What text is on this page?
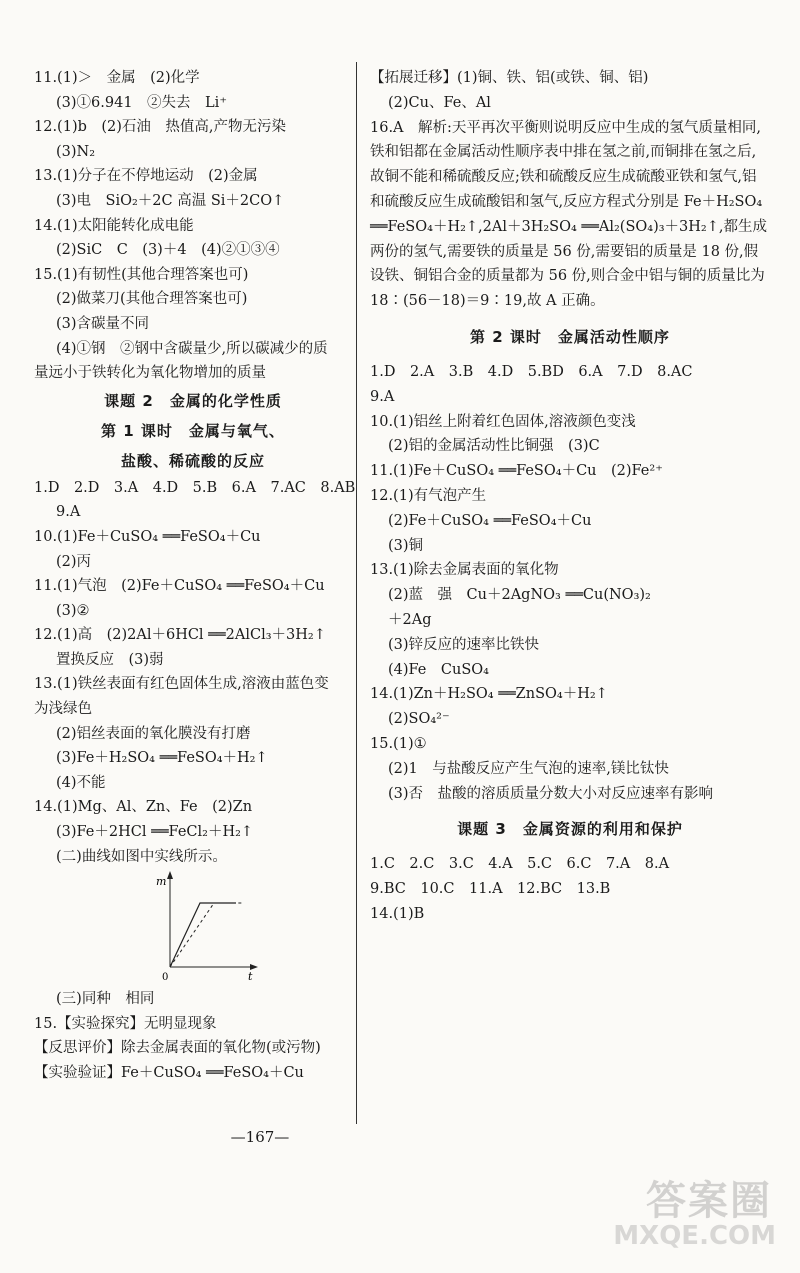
11.(1)＞　金属　(2)化学
(3)①6.941　②失去　Li⁺
12.(1)b　(2)石油　热值高,产物无污染
(3)N₂
13.(1)分子在不停地运动　(2)金属
(3)电　SiO₂＋2C 高温 Si＋2CO↑
14.(1)太阳能转化成电能
(2)SiC　C　(3)＋4　(4)②①③④
15.(1)有韧性(其他合理答案也可)
(2)做菜刀(其他合理答案也可)
(3)含碳量不同
(4)①钢　②钢中含碳量少,所以碳减少的质
量远小于铁转化为氧化物增加的质量
课题 2　金属的化学性质
第 1 课时　金属与氧气、
盐酸、稀硫酸的反应
1.D　2.D　3.A　4.D　5.B　6.A　7.AC　8.AB
9.A
10.(1)Fe＋CuSO₄ ══FeSO₄＋Cu
(2)丙
11.(1)气泡　(2)Fe＋CuSO₄ ══FeSO₄＋Cu
(3)②
12.(1)高　(2)2Al＋6HCl ══2AlCl₃＋3H₂↑
置换反应　(3)弱
13.(1)铁丝表面有红色固体生成,溶液由蓝色变
为浅绿色
(2)铝丝表面的氧化膜没有打磨
(3)Fe＋H₂SO₄ ══FeSO₄＋H₂↑
(4)不能
14.(1)Mg、Al、Zn、Fe　(2)Zn
(3)Fe＋2HCl ══FeCl₂＋H₂↑
(二)曲线如图中实线所示。
m
0	t
(三)同种　相同
15.【实验探究】无明显现象
【反思评价】除去金属表面的氧化物(或污物)
【实验验证】Fe＋CuSO₄ ══FeSO₄＋Cu
【拓展迁移】(1)铜、铁、铝(或铁、铜、铝)
(2)Cu、Fe、Al

16.A　解析:天平再次平衡则说明反应中生成的氢气质量相同,铁和铝都在金属活动性顺序表中排在氢之前,而铜排在氢之后,故铜不能和稀硫酸反应;铁和硫酸反应生成硫酸亚铁和氢气,铝和硫酸反应生成硫酸铝和氢气,反应方程式分别是 Fe＋H₂SO₄ ══FeSO₄＋H₂↑,2Al＋3H₂SO₄ ══Al₂(SO₄)₃＋3H₂↑,都生成两份的氢气,需要铁的质量是 56 份,需要铝的质量是 18 份,假设铁、铜铝合金的质量都为 56 份,则合金中铝与铜的质量比为 18∶(56－18)＝9∶19,故 A 正确。

第 2 课时　金属活动性顺序
1.D　2.A　3.B　4.D　5.BD　6.A　7.D　8.AC
9.A
10.(1)铝丝上附着红色固体,溶液颜色变浅
(2)铝的金属活动性比铜强　(3)C
11.(1)Fe＋CuSO₄ ══FeSO₄＋Cu　(2)Fe²⁺
12.(1)有气泡产生
(2)Fe＋CuSO₄ ══FeSO₄＋Cu
(3)铜
13.(1)除去金属表面的氧化物
(2)蓝　强　Cu＋2AgNO₃ ══Cu(NO₃)₂
＋2Ag
(3)锌反应的速率比铁快
(4)Fe　CuSO₄
14.(1)Zn＋H₂SO₄ ══ZnSO₄＋H₂↑
(2)SO₄²⁻
15.(1)①

(2)1　与盐酸反应产生气泡的速率,镁比钛快

(3)否　盐酸的溶质质量分数大小对反应速率有影响

课题 3　金属资源的利用和保护
1.C　2.C　3.C　4.A　5.C　6.C　7.A　8.A
9.BC　10.C　11.A　12.BC　13.B
14.(1)B
—167—
答案圈
MXQE.COM
